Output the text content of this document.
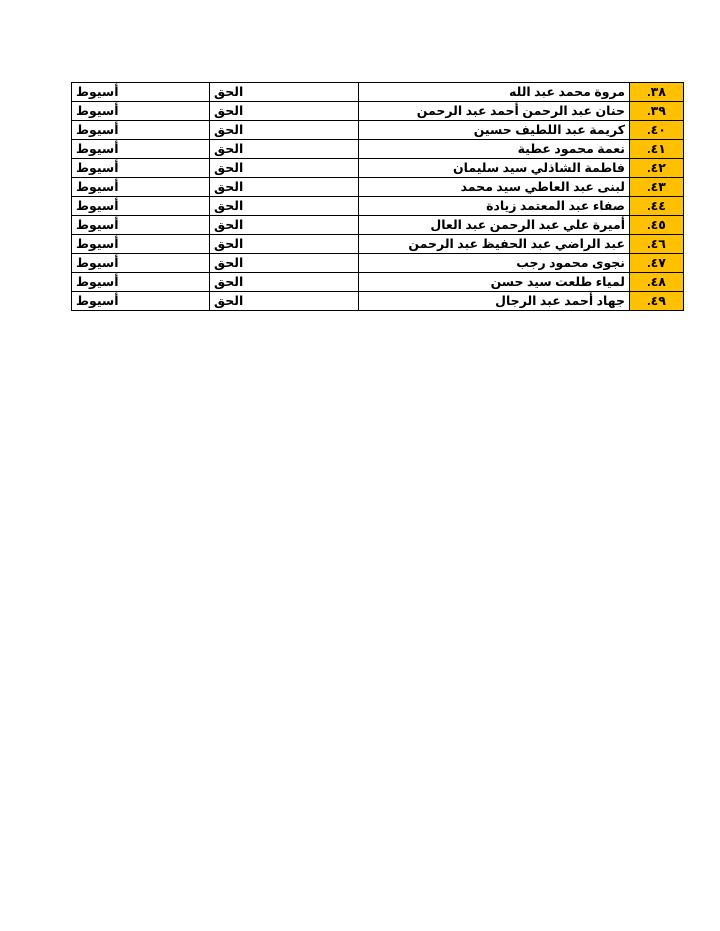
٣٨.	مروة محمد عبد الله	الحق	أسيوط
٣٩.	حنان عبد الرحمن أحمد عبد الرحمن	الحق	أسيوط
٤٠.	كريمة عبد اللطيف حسين	الحق	أسيوط
٤١.	نعمة محمود عطية	الحق	أسيوط
٤٢.	فاطمة الشاذلي سيد سليمان	الحق	أسيوط
٤٣.	لبنى عبد العاطي سيد محمد	الحق	أسيوط
٤٤.	صفاء عبد المعتمد زيادة	الحق	أسيوط
٤٥.	أميرة علي عبد الرحمن عبد العال	الحق	أسيوط
٤٦.	عبد الراضي عبد الحفيظ عبد الرحمن	الحق	أسيوط
٤٧.	نجوى محمود رجب	الحق	أسيوط
٤٨.	لمياء طلعت سيد حسن	الحق	أسيوط
٤٩.	جهاد أحمد عبد الرجال	الحق	أسيوط
